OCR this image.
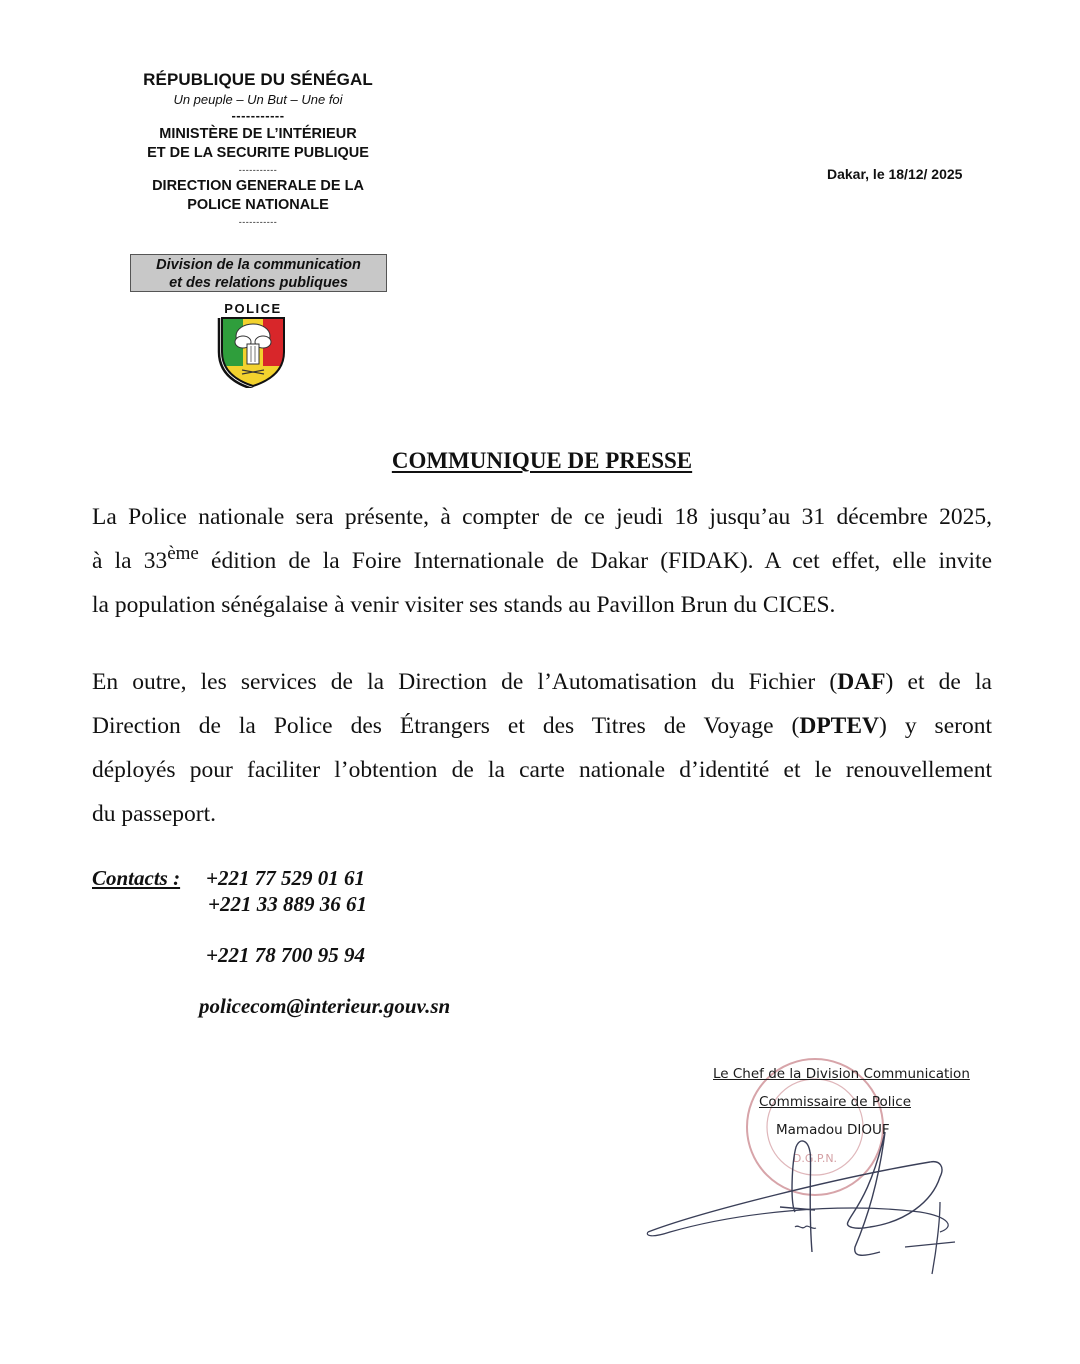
RÉPUBLIQUE DU SÉNÉGAL
Un peuple – Un But – Une foi
-----------
MINISTÈRE DE L’INTÉRIEUR
ET DE LA SECURITE PUBLIQUE
-----------
DIRECTION GENERALE DE LA
POLICE NATIONALE
-----------
Division de la communication
et des relations publiques
POLICE
Dakar, le 18/12/ 2025
COMMUNIQUE DE PRESSE
La Police nationale sera présente, à compter de ce jeudi 18 jusqu’au 31 décembre 2025,
à la 33ème édition de la Foire Internationale de Dakar (FIDAK). A cet effet, elle invite
la population sénégalaise à venir visiter ses stands au Pavillon Brun du CICES.
En outre, les services de la Direction de l’Automatisation du Fichier (DAF) et de la
Direction de la Police des Étrangers et des Titres de Voyage (DPTEV) y seront
déployés pour faciliter l’obtention de la carte nationale d’identité et le renouvellement
du passeport.
Contacts : +221 77 529 01 61
+221 33 889 36 61
+221 78 700 95 94
policecom@interieur.gouv.sn
D.G.P.N.
Le Chef de la Division Communication
Commissaire de Police
Mamadou DIOUF
